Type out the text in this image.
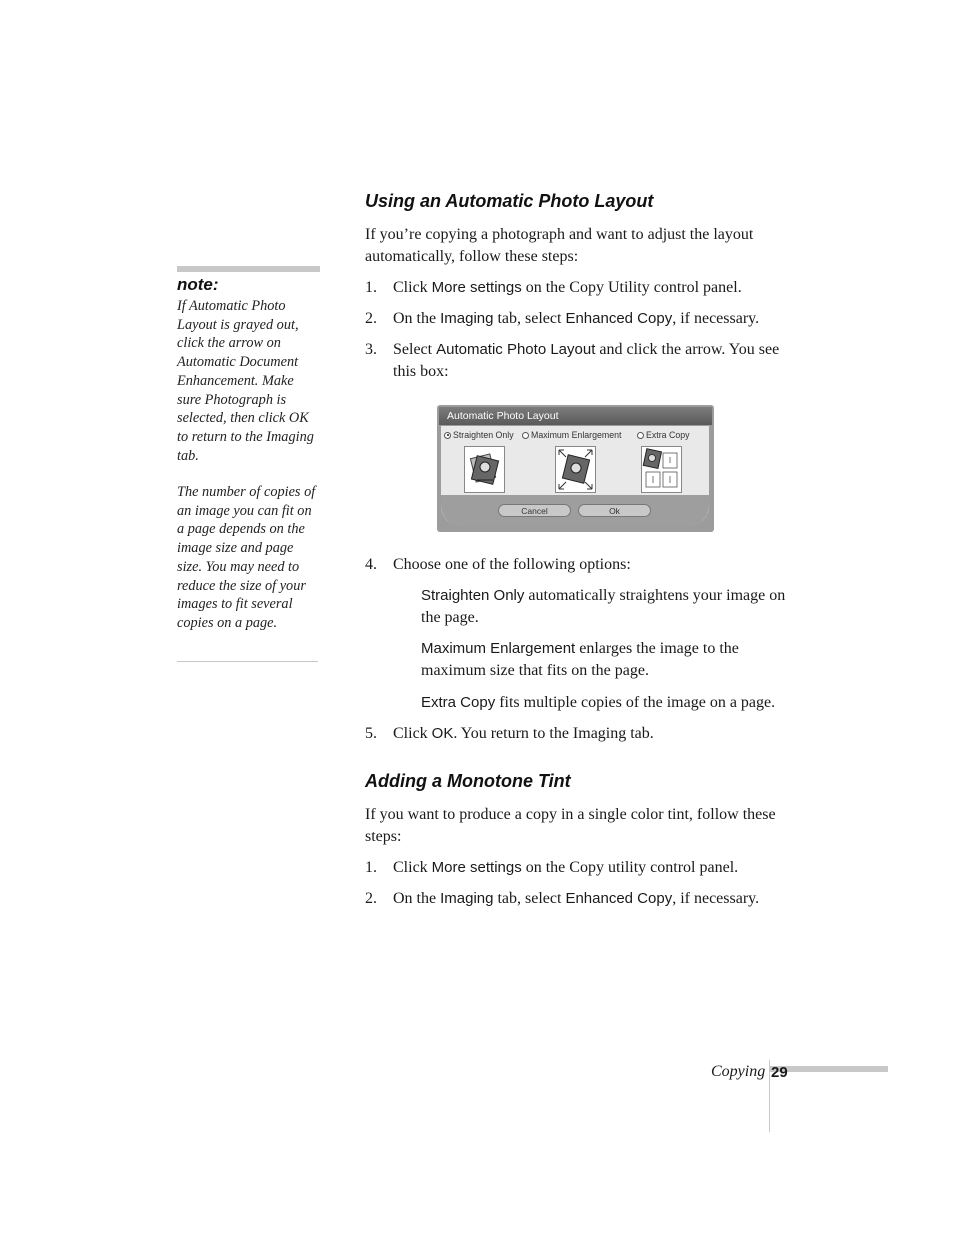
note:
If Automatic Photo Layout is grayed out, click the arrow on Automatic Document Enhancement. Make sure Photograph is selected, then click OK to return to the Imaging tab.
The number of copies of an image you can fit on a page depends on the image size and page size. You may need to reduce the size of your images to fit several copies on a page.
Using an Automatic Photo Layout
If you’re copying a photograph and want to adjust the layout automatically, follow these steps:
1. Click More settings on the Copy Utility control panel.
2. On the Imaging tab, select Enhanced Copy, if necessary.
3. Select Automatic Photo Layout and click the arrow. You see this box:
Automatic Photo Layout
Straighten Only Maximum Enlargement	Extra Copy
Cancel	Ok
4. Choose one of the following options:
Straighten Only automatically straightens your image on the page.
Maximum Enlargement enlarges the image to the maximum size that fits on the page.
Extra Copy fits multiple copies of the image on a page.
5. Click OK. You return to the Imaging tab.
Adding a Monotone Tint
If you want to produce a copy in a single color tint, follow these steps:
1. Click More settings on the Copy utility control panel.
2. On the Imaging tab, select Enhanced Copy, if necessary.
Copying 29
